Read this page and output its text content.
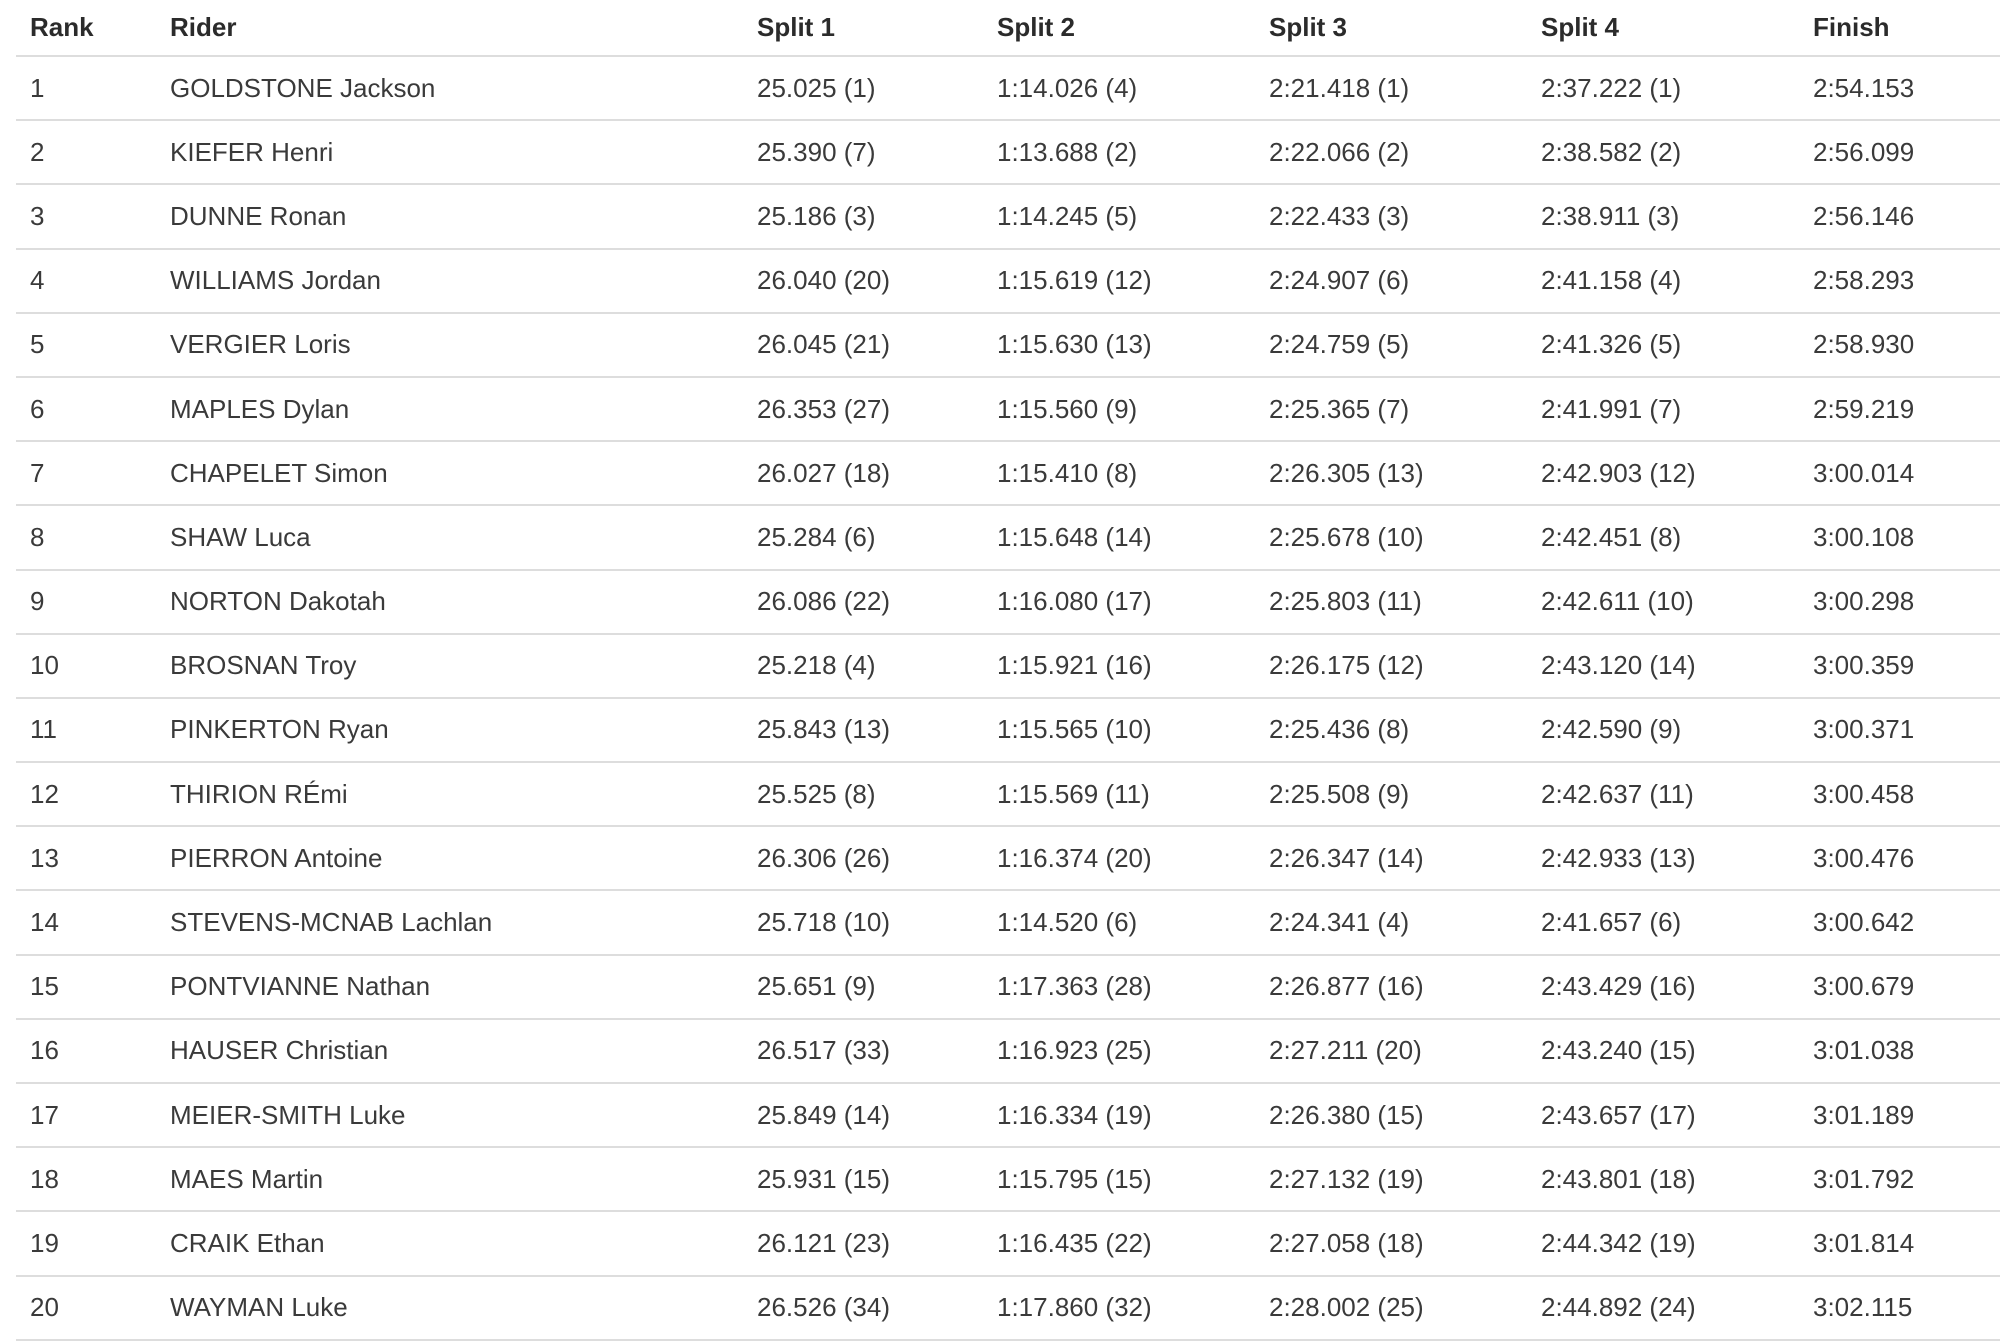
Rank	Rider	Split 1	Split 2	Split 3	Split 4	Finish
1	GOLDSTONE Jackson	25.025 (1)	1:14.026 (4)	2:21.418 (1)	2:37.222 (1)	2:54.153
2	KIEFER Henri	25.390 (7)	1:13.688 (2)	2:22.066 (2)	2:38.582 (2)	2:56.099
3	DUNNE Ronan	25.186 (3)	1:14.245 (5)	2:22.433 (3)	2:38.911 (3)	2:56.146
4	WILLIAMS Jordan	26.040 (20)	1:15.619 (12)	2:24.907 (6)	2:41.158 (4)	2:58.293
5	VERGIER Loris	26.045 (21)	1:15.630 (13)	2:24.759 (5)	2:41.326 (5)	2:58.930
6	MAPLES Dylan	26.353 (27)	1:15.560 (9)	2:25.365 (7)	2:41.991 (7)	2:59.219
7	CHAPELET Simon	26.027 (18)	1:15.410 (8)	2:26.305 (13)	2:42.903 (12)	3:00.014
8	SHAW Luca	25.284 (6)	1:15.648 (14)	2:25.678 (10)	2:42.451 (8)	3:00.108
9	NORTON Dakotah	26.086 (22)	1:16.080 (17)	2:25.803 (11)	2:42.611 (10)	3:00.298
10	BROSNAN Troy	25.218 (4)	1:15.921 (16)	2:26.175 (12)	2:43.120 (14)	3:00.359
11	PINKERTON Ryan	25.843 (13)	1:15.565 (10)	2:25.436 (8)	2:42.590 (9)	3:00.371
12	THIRION RÉmi	25.525 (8)	1:15.569 (11)	2:25.508 (9)	2:42.637 (11)	3:00.458
13	PIERRON Antoine	26.306 (26)	1:16.374 (20)	2:26.347 (14)	2:42.933 (13)	3:00.476
14	STEVENS-MCNAB Lachlan	25.718 (10)	1:14.520 (6)	2:24.341 (4)	2:41.657 (6)	3:00.642
15	PONTVIANNE Nathan	25.651 (9)	1:17.363 (28)	2:26.877 (16)	2:43.429 (16)	3:00.679
16	HAUSER Christian	26.517 (33)	1:16.923 (25)	2:27.211 (20)	2:43.240 (15)	3:01.038
17	MEIER-SMITH Luke	25.849 (14)	1:16.334 (19)	2:26.380 (15)	2:43.657 (17)	3:01.189
18	MAES Martin	25.931 (15)	1:15.795 (15)	2:27.132 (19)	2:43.801 (18)	3:01.792
19	CRAIK Ethan	26.121 (23)	1:16.435 (22)	2:27.058 (18)	2:44.342 (19)	3:01.814
20	WAYMAN Luke	26.526 (34)	1:17.860 (32)	2:28.002 (25)	2:44.892 (24)	3:02.115
